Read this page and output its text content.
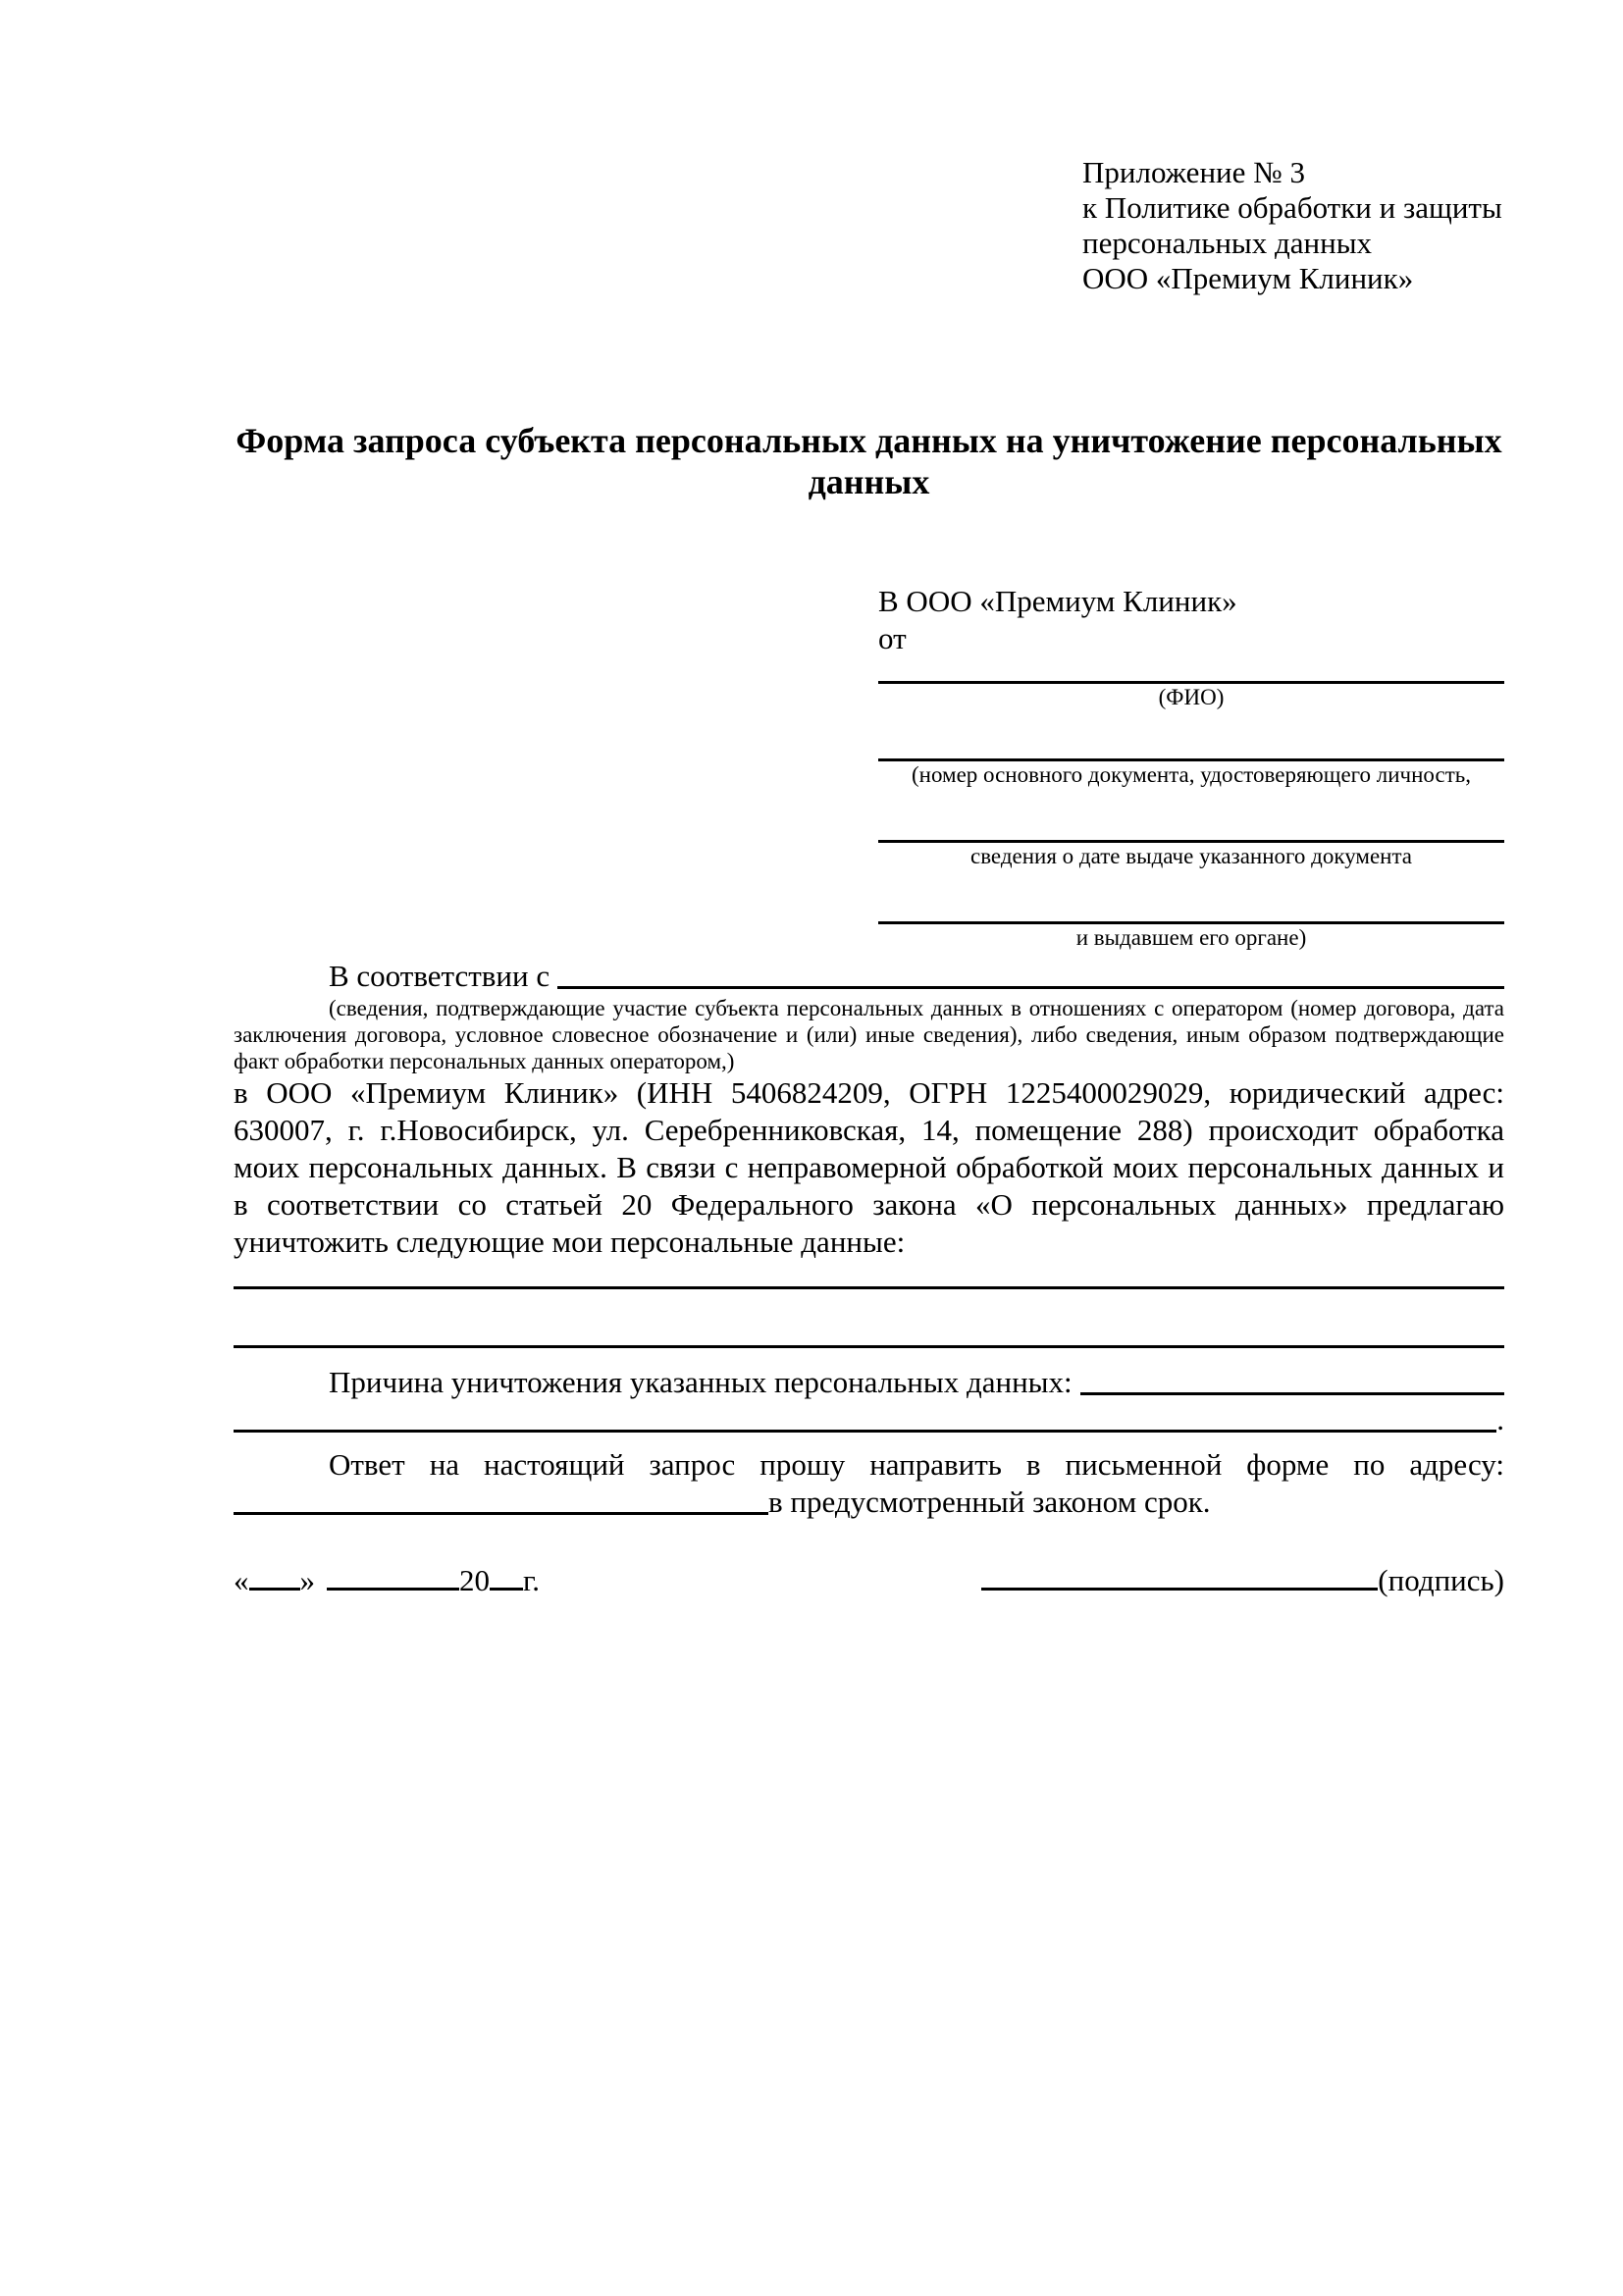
Приложение № 3
к Политике обработки и защиты
персональных данных
ООО «Премиум Клиник»
Форма запроса субъекта персональных данных на уничтожение персональных данных
В ООО «Премиум Клиник»
от
(ФИО)
(номер основного документа, удостоверяющего личность,
сведения о дате выдаче указанного документа
и выдавшем его органе)
В соответствии с
(сведения, подтверждающие участие субъекта персональных данных в отношениях с оператором (номер договора, дата заключения договора, условное словесное обозначение и (или) иные сведения), либо сведения, иным образом подтверждающие факт обработки персональных данных оператором,)
в ООО «Премиум Клиник» (ИНН 5406824209, ОГРН 1225400029029, юридический адрес: 630007, г. г.Новосибирск, ул. Серебренниковская, 14, помещение 288) происходит обработка моих персональных данных. В связи с неправомерной обработкой моих персональных данных и в соответствии со статьей 20 Федерального закона «О персональных данных» предлагаю уничтожить следующие мои персональные данные:
Причина уничтожения указанных персональных данных:
.
Ответ на настоящий запрос прошу направить в письменной форме по адресу:
в предусмотренный законом срок.
« »	20 г.	(подпись)
